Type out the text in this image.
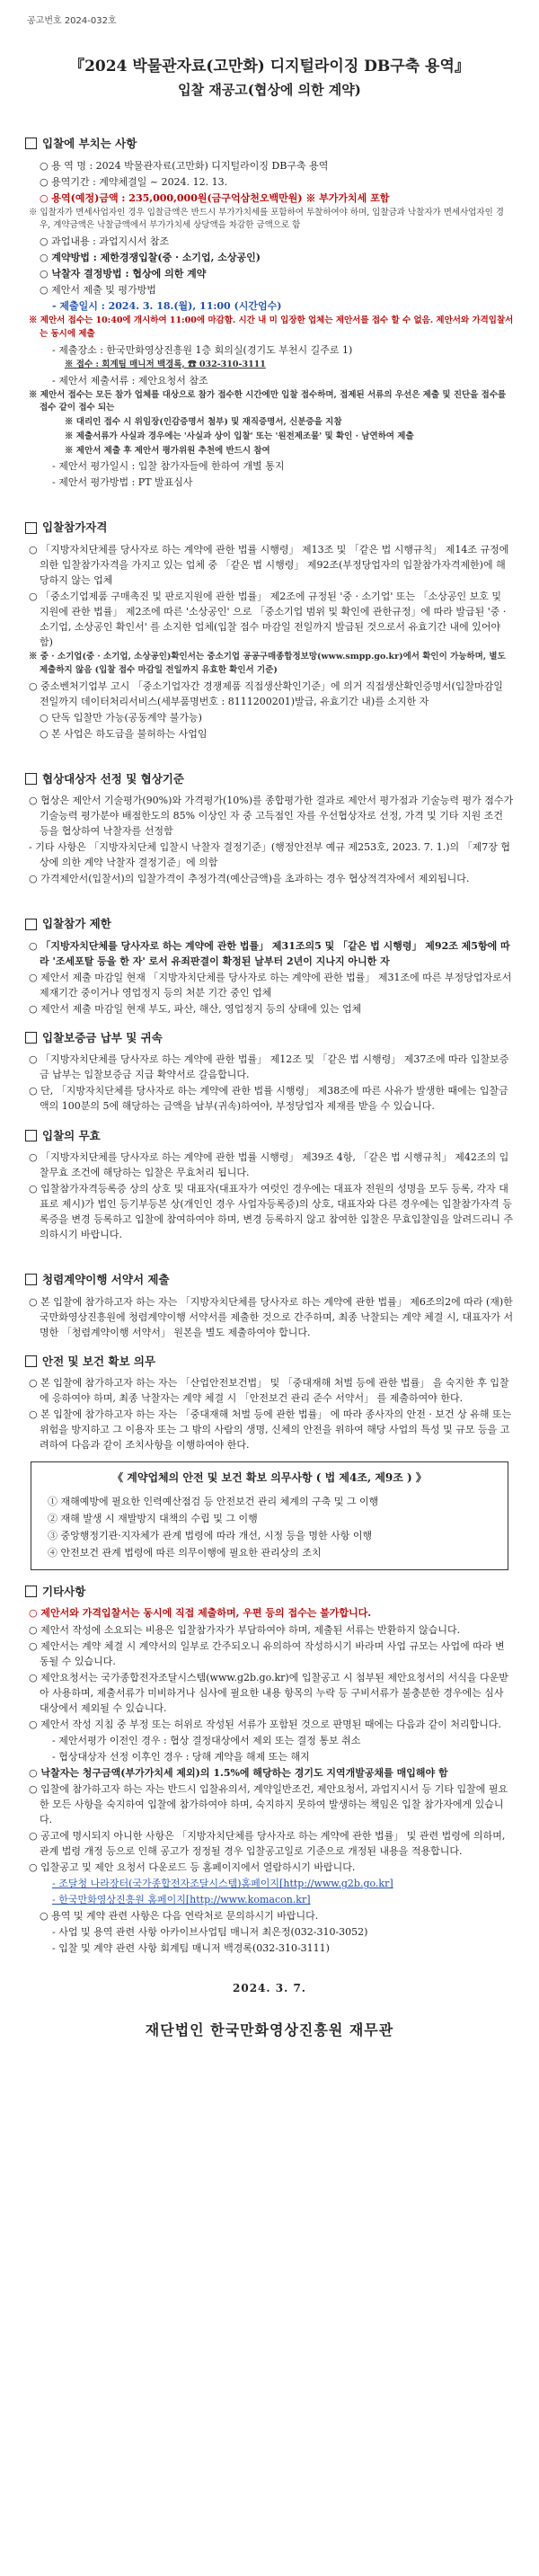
공고번호 2024-032호
『2024 박물관자료(고만화) 디지털라이징 DB구축 용역』
입찰 재공고(협상에 의한 계약)
입찰에 부치는 사항
○ 용 역 명 : 2024 박물관자료(고만화) 디지털라이징 DB구축 용역
○ 용역기간 : 계약체결일 ~ 2024. 12. 13.
○ 용역(예정)금액 : 235,000,000원(금구억삼천오백만원) ※ 부가가치세 포함
※ 입찰자가 면세사업자인 경우 입찰금액은 반드시 부가가치세를 포함하여 투찰하여야 하며, 입찰금과 낙찰자가 면세사업자인 경우, 계약금액은 낙찰금액에서 부가가치세 상당액을 차감한 금액으로 함
○ 과업내용 : 과업지시서 참조
○ 계약방법 : 제한경쟁입찰(중 · 소기업, 소상공인)
○ 낙찰자 결정방법 : 협상에 의한 계약
○ 제안서 제출 및 평가방법
- 제출일시 : 2024. 3. 18.(월), 11:00 (시간엄수)
※ 제안서 접수는 10:40에 개시하여 11:00에 마감함. 시간 내 미 입장한 업체는 제안서를 접수 할 수 없음. 제안서와 가격입찰서는 동시에 제출
- 제출장소 : 한국만화영상진흥원 1층 회의실(경기도 부천시 길주로 1)
※ 접수 : 회계팀 매니저 백경록, ☎ 032-310-3111
- 제안서 제출서류 : 제안요청서 참조
※ 제안서 접수는 모든 참가 업체를 대상으로 참가 접수한 시간에만 입찰 접수하며, 접제된 서류의 우선은 제출 및 진단을 접수를 접수 같이 접수 되는
※ 대리인 접수 시 위임장(인감증명서 첨부) 및 재직증명서, 신분증을 지참
※ 제출서류가 사실과 경우에는 '사실과 상이 입찰' 또는 '원전제조물' 및 확인 · 남연하여 제출
※ 제안서 제출 후 제안서 평가위원 추천에 반드시 참여
- 제안서 평가일시 : 입찰 참가자들에 한하여 개별 통지
- 제안서 평가방법 : PT 발표심사
입찰참가자격
○ 「지방자치단체를 당사자로 하는 계약에 관한 법률 시행령」 제13조 및 「같은 법 시행규칙」 제14조 규정에 의한 입찰참가자격을 가지고 있는 업체 중 「같은 법 시행령」 제92조(부정당업자의 입찰참가자격제한)에 해당하지 않는 업체
○ 「중소기업제품 구매촉진 및 판로지원에 관한 법률」 제2조에 규정된 '중 · 소기업' 또는 「소상공인 보호 및 지원에 관한 법률」 제2조에 따른 '소상공인' 으로 「중소기업 범위 및 확인에 관한규정」에 따라 발급된 '중 · 소기업, 소상공인 확인서' 를 소지한 업체(입찰 접수 마감일 전일까지 발급된 것으로서 유효기간 내에 있어야 함)
※ 중 · 소기업(중 · 소기업, 소상공인)확인서는 중소기업 공공구매종합정보망(www.smpp.go.kr)에서 확인이 가능하며, 별도 제출하지 않음 (입찰 접수 마감일 전일까지 유효한 확인서 기준)
○ 중소벤처기업부 고시 「중소기업자간 경쟁제품 직접생산확인기준」에 의거 직접생산확인증명서(입찰마감일 전일까지 데이터처리서비스(세부품명번호 : 8111200201)발급, 유효기간 내)를 소지한 자
○ 단독 입찰만 가능(공동계약 불가능)
○ 본 사업은 하도급을 불허하는 사업임
협상대상자 선정 및 협상기준
○ 협상은 제안서 기술평가(90%)와 가격평가(10%)를 종합평가한 결과로 제안서 평가점과 기술능력 평가 점수가 기술능력 평가분야 배점한도의 85% 이상인 자 중 고득점인 자를 우선협상자로 선정, 가격 및 기타 지원 조건 등을 협상하여 낙찰자를 선정함
- 기타 사항은 「지방자치단체 입찰시 낙찰자 결정기준」(행정안전부 예규 제253호, 2023. 7. 1.)의 「제7장 협상에 의한 계약 낙찰자 결정기준」에 의함
○ 가격제안서(입찰서)의 입찰가격이 추정가격(예산금액)을 초과하는 경우 협상적격자에서 제외됩니다.
입찰참가 제한
○ 「지방자치단체를 당사자로 하는 계약에 관한 법률」 제31조의5 및 「같은 법 시행령」 제92조 제5항에 따라 '조세포탈 등을 한 자' 로서 유죄판결이 확정된 날부터 2년이 지나지 아니한 자
○ 제안서 제출 마감일 현재 「지방자치단체를 당사자로 하는 계약에 관한 법률」 제31조에 따른 부정당업자로서 제재기간 중이거나 영업정지 등의 처분 기간 중인 업체
○ 제안서 제출 마감일 현재 부도, 파산, 해산, 영업정지 등의 상태에 있는 업체
입찰보증금 납부 및 귀속
○ 「지방자치단체를 당사자로 하는 계약에 관한 법률」 제12조 및 「같은 법 시행령」 제37조에 따라 입찰보증금 납부는 입찰보증금 지급 확약서로 갈음합니다.
○ 단, 「지방자치단체를 당사자로 하는 계약에 관한 법률 시행령」 제38조에 따른 사유가 발생한 때에는 입찰금액의 100분의 5에 해당하는 금액을 납부(귀속)하여야, 부정당업자 제재를 받을 수 있습니다.
입찰의 무효
○ 「지방자치단체를 당사자로 하는 계약에 관한 법률 시행령」 제39조 4항, 「같은 법 시행규칙」 제42조의 입찰무효 조건에 해당하는 입찰은 무효처리 됩니다.
○ 입찰참가자격등록증 상의 상호 및 대표자(대표자가 여럿인 경우에는 대표자 전원의 성명을 모두 등록, 각자 대표로 제시)가 법인 등기부등본 상(개인인 경우 사업자등록증)의 상호, 대표자와 다른 경우에는 입찰참가자격 등록증을 변경 등록하고 입찰에 참여하여야 하며, 변경 등록하지 않고 참여한 입찰은 무효입찰임을 알려드리니 주의하시기 바랍니다.
청렴계약이행 서약서 제출
○ 본 입찰에 참가하고자 하는 자는 「지방자치단체를 당사자로 하는 계약에 관한 법률」 제6조의2에 따라 (재)한국만화영상진흥원에 청렴계약이행 서약서를 제출한 것으로 간주하며, 최종 낙찰되는 계약 체결 시, 대표자가 서명한 「청렴계약이행 서약서」 원본을 별도 제출하여야 합니다.
안전 및 보건 확보 의무
○ 본 입찰에 참가하고자 하는 자는 「산업안전보건법」 및 「중대재해 처벌 등에 관한 법률」 을 숙지한 후 입찰에 응하여야 하며, 최종 낙찰자는 계약 체결 시 「안전보건 관리 준수 서약서」 를 제출하여야 한다.
○ 본 입찰에 참가하고자 하는 자는 「중대재해 처벌 등에 관한 법률」 에 따라 종사자의 안전 · 보건 상 유해 또는 위험을 방지하고 그 이용자 또는 그 밖의 사람의 생명, 신체의 안전을 위하여 해당 사업의 특성 및 규모 등을 고려하여 다음과 같이 조치사항을 이행하여야 한다.
《 계약업체의 안전 및 보건 확보 의무사항 ( 법 제4조, 제9조 ) 》
① 재해예방에 필요한 인력예산점검 등 안전보건 관리 체계의 구축 및 그 이행
② 재해 발생 시 재발방지 대책의 수립 및 그 이행
③ 중앙행정기관·지자체가 관계 법령에 따라 개선, 시정 등을 명한 사항 이행
④ 안전보건 관계 법령에 따른 의무이행에 필요한 관리상의 조치
기타사항
○ 제안서와 가격입찰서는 동시에 직접 제출하며, 우편 등의 접수는 불가합니다.
○ 제안서 작성에 소요되는 비용은 입찰참가자가 부담하여야 하며, 제출된 서류는 반환하지 않습니다.
○ 제안서는 계약 체결 시 계약서의 일부로 간주되오니 유의하여 작성하시기 바라며 사업 규모는 사업에 따라 변동될 수 있습니다.
○ 제안요청서는 국가종합전자조달시스템(www.g2b.go.kr)에 입찰공고 시 첨부된 제안요청서의 서식을 다운받아 사용하며, 제출서류가 미비하거나 심사에 필요한 내용 항목의 누락 등 구비서류가 불충분한 경우에는 심사 대상에서 제외될 수 있습니다.
○ 제안서 작성 지침 중 부정 또는 허위로 작성된 서류가 포함된 것으로 판명된 때에는 다음과 같이 처리합니다.
- 제안서평가 이전인 경우 : 협상 결정대상에서 제외 또는 결정 통보 취소
- 협상대상자 선정 이후인 경우 : 당해 계약을 해제 또는 해지
○ 낙찰자는 청구금액(부가가치세 제외)의 1.5%에 해당하는 경기도 지역개발공채를 매입해야 함
○ 입찰에 참가하고자 하는 자는 반드시 입찰유의서, 계약일반조건, 제안요청서, 과업지시서 등 기타 입찰에 필요한 모든 사항을 숙지하여 입찰에 참가하여야 하며, 숙지하지 못하여 발생하는 책임은 입찰 참가자에게 있습니다.
○ 공고에 명시되지 아니한 사항은 「지방자치단체를 당사자로 하는 계약에 관한 법률」 및 관련 법령에 의하며, 관계 법령 개정 등으로 인해 공고가 정정될 경우 입찰공고일로 기준으로 개정된 내용을 적용합니다.
○ 입찰공고 및 제안 요청서 다운로드 등 홈페이지에서 열람하시기 바랍니다.
- 조달청 나라장터(국가종합전자조달시스템)홈페이지[http://www.g2b.go.kr]
- 한국만화영상진흥원 홈페이지[http://www.komacon.kr]
○ 용역 및 계약 관련 사항은 다음 연락처로 문의하시기 바랍니다.
- 사업 및 용역 관련 사항 아카이브사업팀 매니저 최은정(032-310-3052)
- 입찰 및 계약 관련 사항 회계팀 매니저 백경록(032-310-3111)
2024. 3. 7.
재단법인 한국만화영상진흥원 재무관
